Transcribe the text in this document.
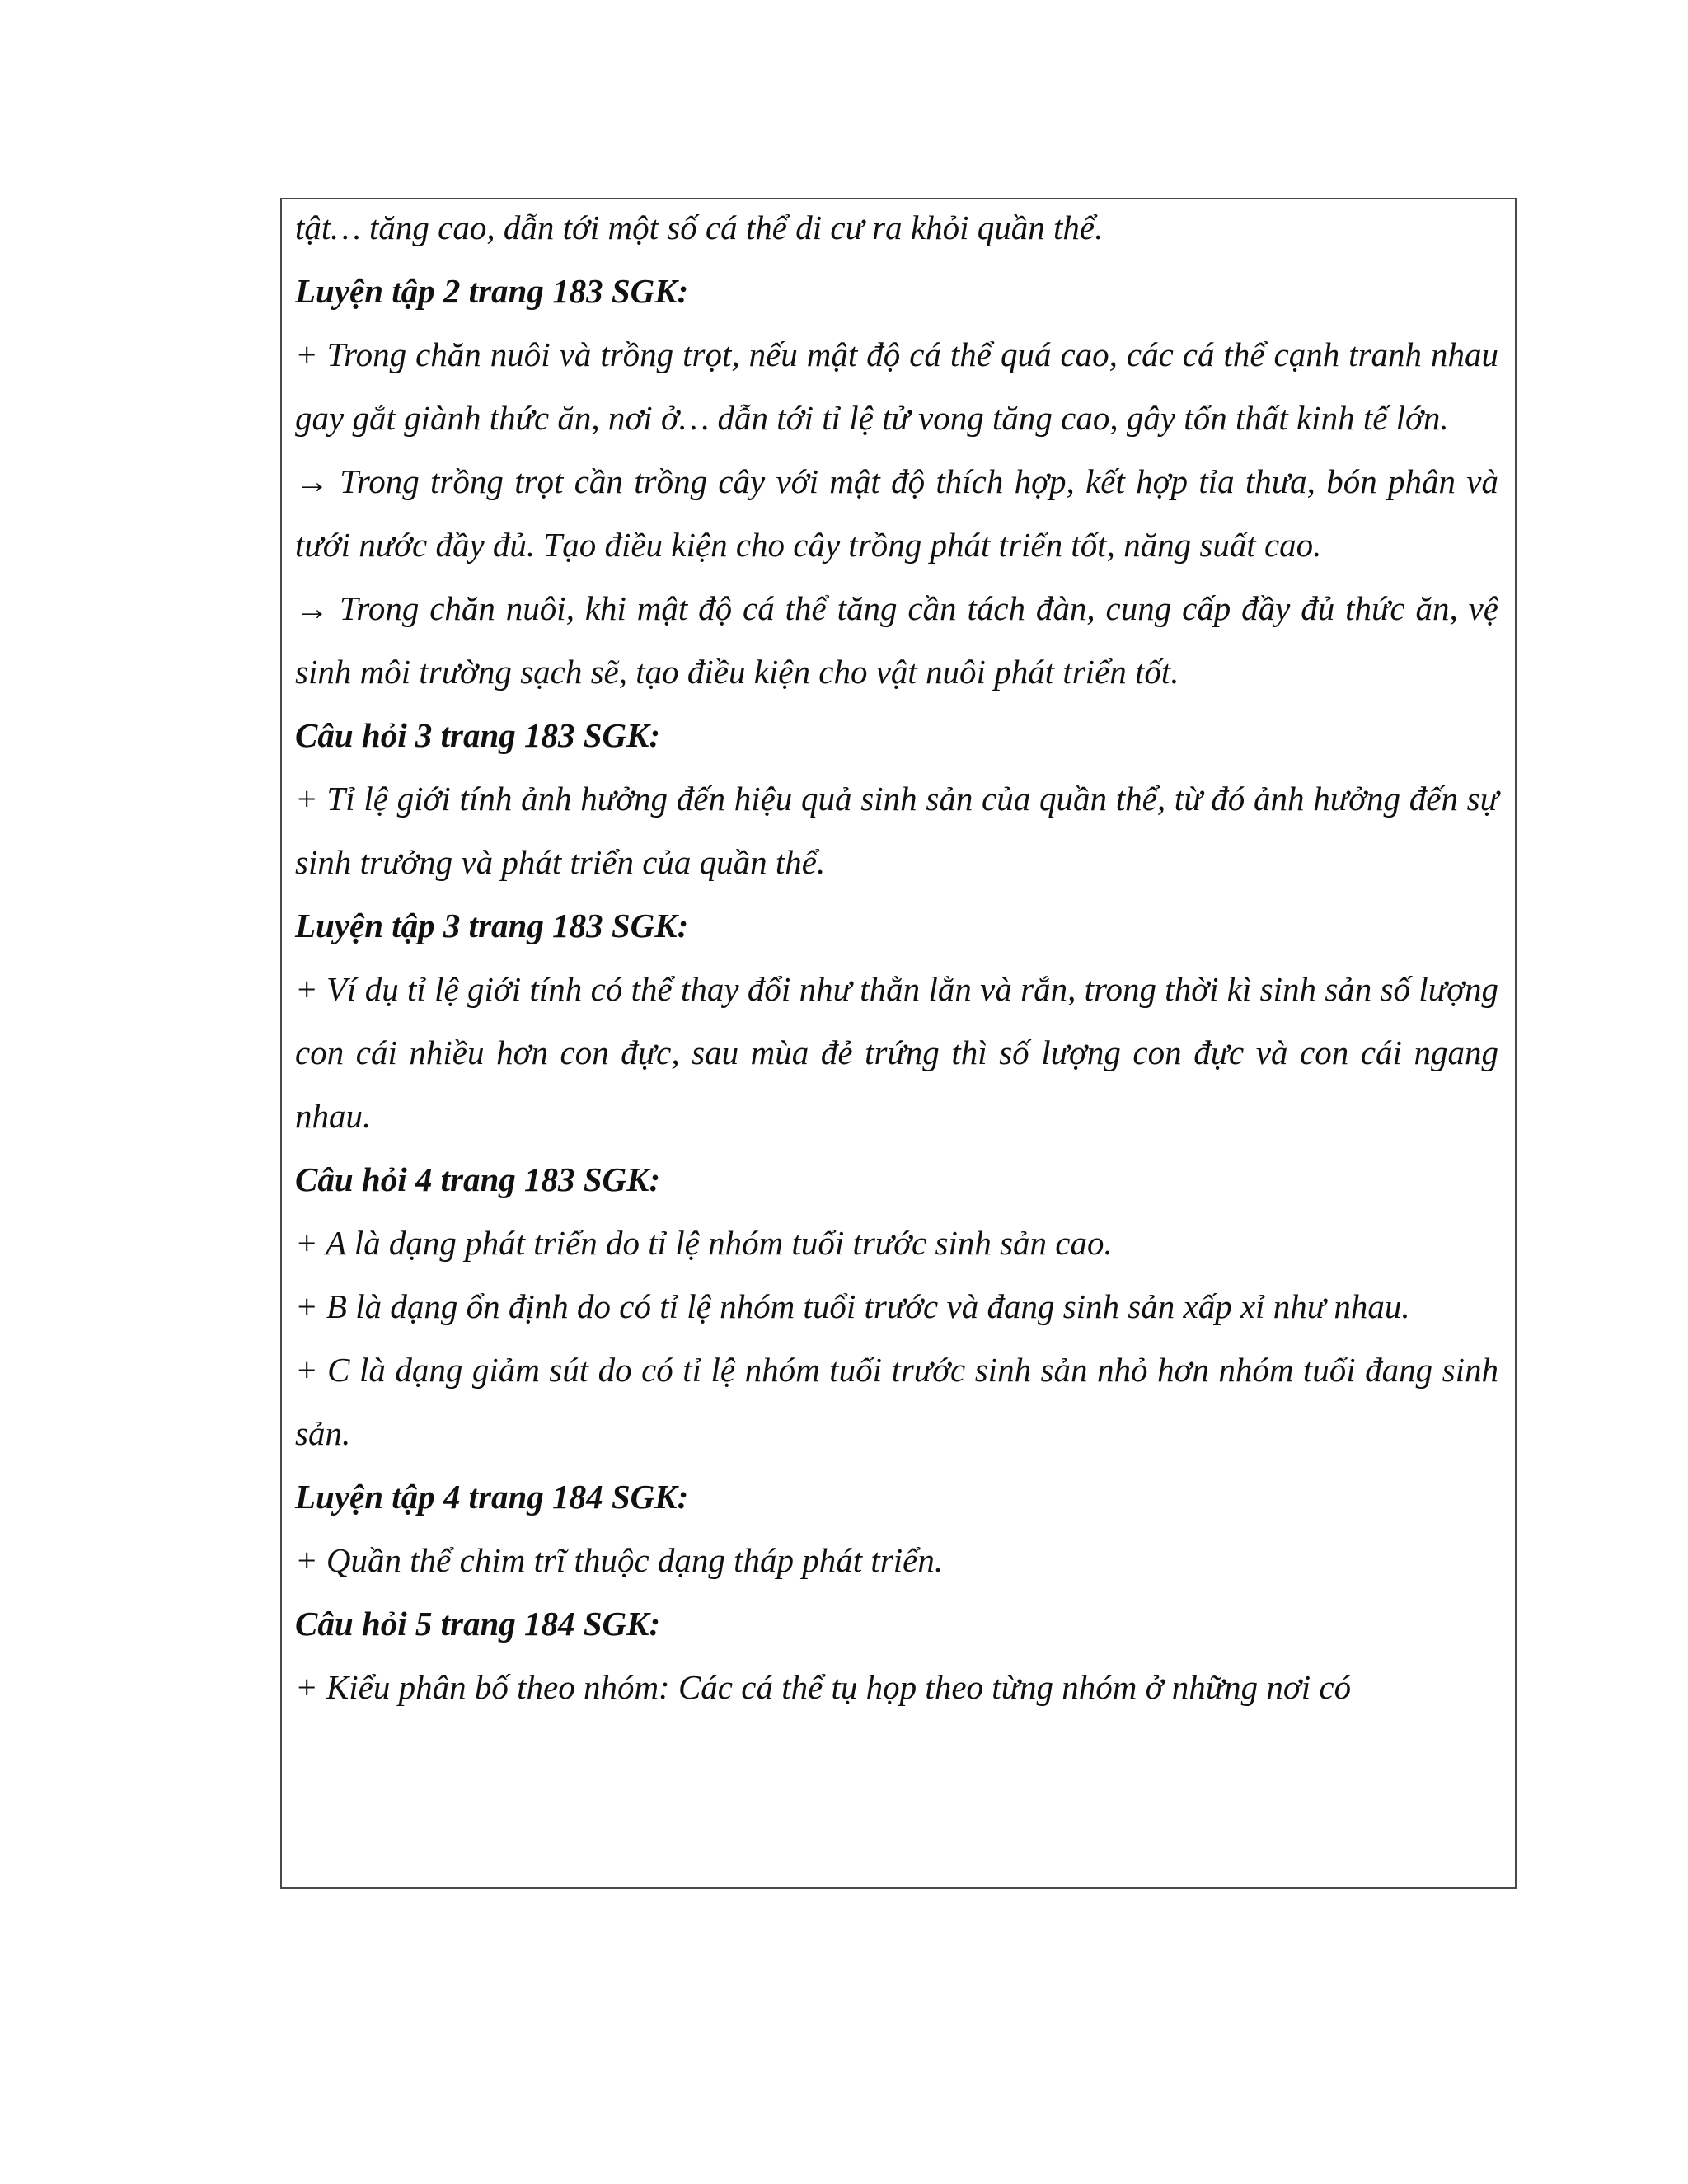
tật… tăng cao, dẫn tới một số cá thể di cư ra khỏi quần thể.

Luyện tập 2 trang 183 SGK:

+ Trong chăn nuôi và trồng trọt, nếu mật độ cá thể quá cao, các cá thể cạnh tranh nhau gay gắt giành thức ăn, nơi ở… dẫn tới tỉ lệ tử vong tăng cao, gây tổn thất kinh tế lớn.

→ Trong trồng trọt cần trồng cây với mật độ thích hợp, kết hợp tỉa thưa, bón phân và tưới nước đầy đủ. Tạo điều kiện cho cây trồng phát triển tốt, năng suất cao.

→ Trong chăn nuôi, khi mật độ cá thể tăng cần tách đàn, cung cấp đầy đủ thức ăn, vệ sinh môi trường sạch sẽ, tạo điều kiện cho vật nuôi phát triển tốt.

Câu hỏi 3 trang 183 SGK:

+ Tỉ lệ giới tính ảnh hưởng đến hiệu quả sinh sản của quần thể, từ đó ảnh hưởng đến sự sinh trưởng và phát triển của quần thể.

Luyện tập 3 trang 183 SGK:

+ Ví dụ tỉ lệ giới tính có thể thay đổi như thằn lằn và rắn, trong thời kì sinh sản số lượng con cái nhiều hơn con đực, sau mùa đẻ trứng thì số lượng con đực và con cái ngang nhau.

Câu hỏi 4 trang 183 SGK:

+ A là dạng phát triển do tỉ lệ nhóm tuổi trước sinh sản cao.

+ B là dạng ổn định do có tỉ lệ nhóm tuổi trước và đang sinh sản xấp xỉ như nhau.

+ C là dạng giảm sút do có tỉ lệ nhóm tuổi trước sinh sản nhỏ hơn nhóm tuổi đang sinh sản.

Luyện tập 4 trang 184 SGK:

+ Quần thể chim trĩ thuộc dạng tháp phát triển.

Câu hỏi 5 trang 184 SGK:

+ Kiểu phân bố theo nhóm: Các cá thể tụ họp theo từng nhóm ở những nơi có
